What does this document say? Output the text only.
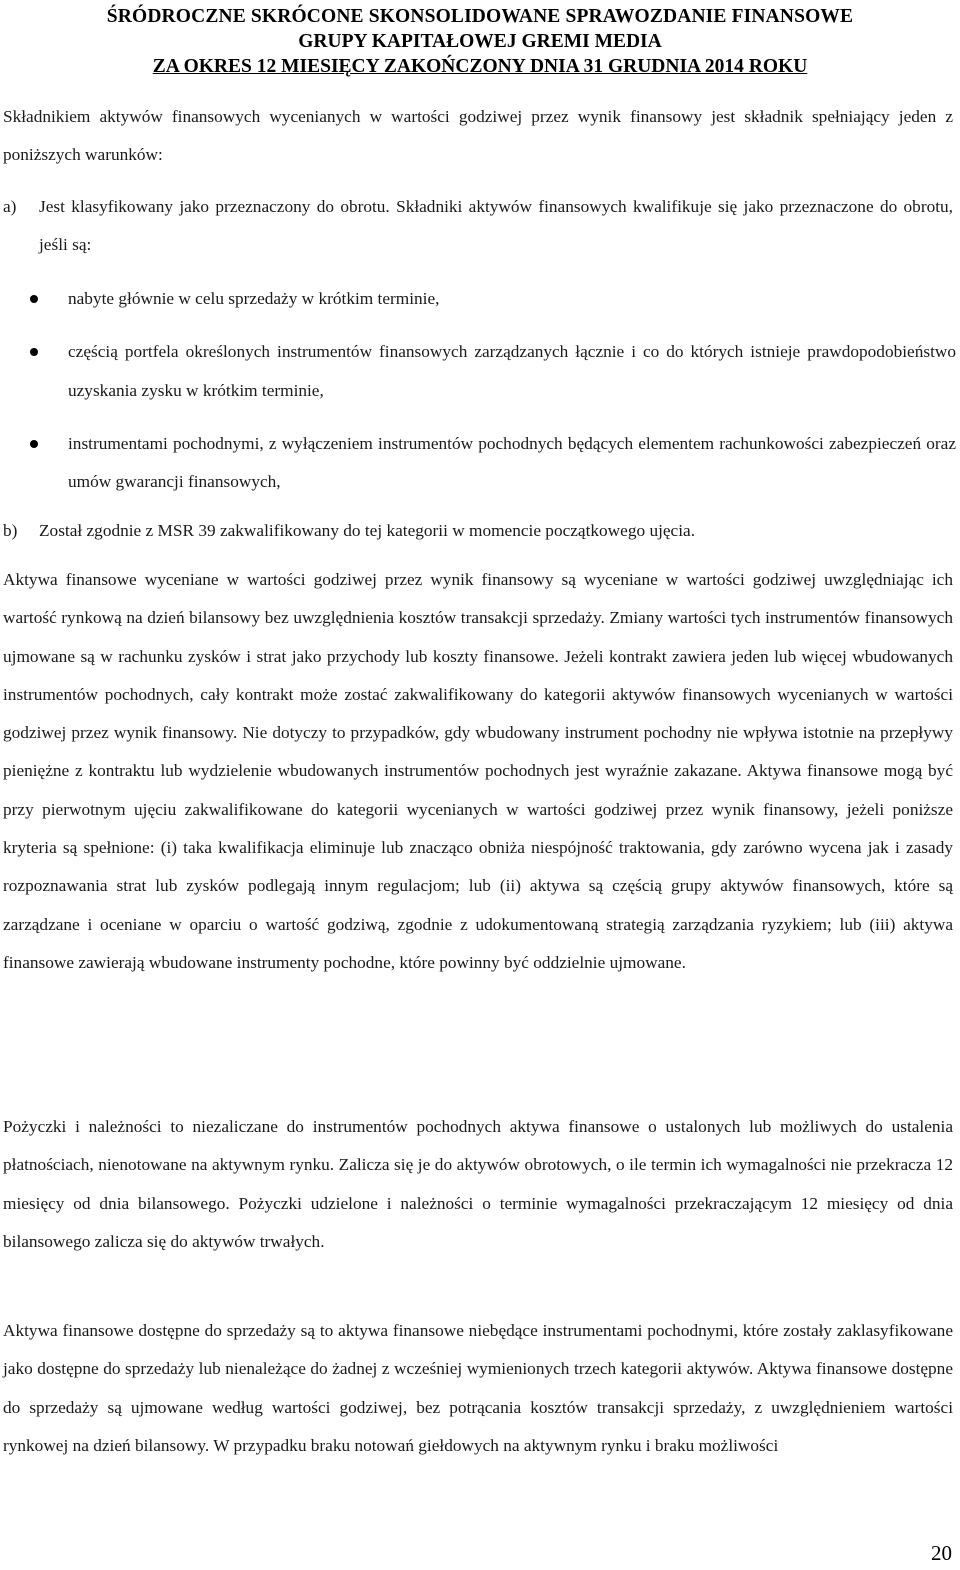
ŚRÓDROCZNE SKRÓCONE SKONSOLIDOWANE SPRAWOZDANIE FINANSOWE
GRUPY KAPITAŁOWEJ GREMI MEDIA
ZA OKRES 12 MIESIĘCY ZAKOŃCZONY DNIA 31 GRUDNIA 2014 ROKU
Składnikiem aktywów finansowych wycenianych w wartości godziwej przez wynik finansowy jest składnik spełniający jeden z poniższych warunków:
a) Jest klasyfikowany jako przeznaczony do obrotu. Składniki aktywów finansowych kwalifikuje się jako przeznaczone do obrotu, jeśli są:
nabyte głównie w celu sprzedaży w krótkim terminie,
częścią portfela określonych instrumentów finansowych zarządzanych łącznie i co do których istnieje prawdopodobieństwo uzyskania zysku w krótkim terminie,
instrumentami pochodnymi, z wyłączeniem instrumentów pochodnych będących elementem rachunkowości zabezpieczeń oraz umów gwarancji finansowych,
b) Został zgodnie z MSR 39 zakwalifikowany do tej kategorii w momencie początkowego ujęcia.

Aktywa finansowe wyceniane w wartości godziwej przez wynik finansowy są wyceniane w wartości godziwej uwzględniając ich wartość rynkową na dzień bilansowy bez uwzględnienia kosztów transakcji sprzedaży. Zmiany wartości tych instrumentów finansowych ujmowane są w rachunku zysków i strat jako przychody lub koszty finansowe. Jeżeli kontrakt zawiera jeden lub więcej wbudowanych instrumentów pochodnych, cały kontrakt może zostać zakwalifikowany do kategorii aktywów finansowych wycenianych w wartości godziwej przez wynik finansowy. Nie dotyczy to przypadków, gdy wbudowany instrument pochodny nie wpływa istotnie na przepływy pieniężne z kontraktu lub wydzielenie wbudowanych instrumentów pochodnych jest wyraźnie zakazane. Aktywa finansowe mogą być przy pierwotnym ujęciu zakwalifikowane do kategorii wycenianych w wartości godziwej przez wynik finansowy, jeżeli poniższe kryteria są spełnione: (i) taka kwalifikacja eliminuje lub znacząco obniża niespójność traktowania, gdy zarówno wycena jak i zasady rozpoznawania strat lub zysków podlegają innym regulacjom; lub (ii) aktywa są częścią grupy aktywów finansowych, które są zarządzane i oceniane w oparciu o wartość godziwą, zgodnie z udokumentowaną strategią zarządzania ryzykiem; lub (iii) aktywa finansowe zawierają wbudowane instrumenty pochodne, które powinny być oddzielnie ujmowane.

Pożyczki i należności to niezaliczane do instrumentów pochodnych aktywa finansowe o ustalonych lub możliwych do ustalenia płatnościach, nienotowane na aktywnym rynku. Zalicza się je do aktywów obrotowych, o ile termin ich wymagalności nie przekracza 12 miesięcy od dnia bilansowego. Pożyczki udzielone i należności o terminie wymagalności przekraczającym 12 miesięcy od dnia bilansowego zalicza się do aktywów trwałych.

Aktywa finansowe dostępne do sprzedaży są to aktywa finansowe niebędące instrumentami pochodnymi, które zostały zaklasyfikowane jako dostępne do sprzedaży lub nienależące do żadnej z wcześniej wymienionych trzech kategorii aktywów. Aktywa finansowe dostępne do sprzedaży są ujmowane według wartości godziwej, bez potrącania kosztów transakcji sprzedaży, z uwzględnieniem wartości rynkowej na dzień bilansowy. W przypadku braku notowań giełdowych na aktywnym rynku i braku możliwości

20
